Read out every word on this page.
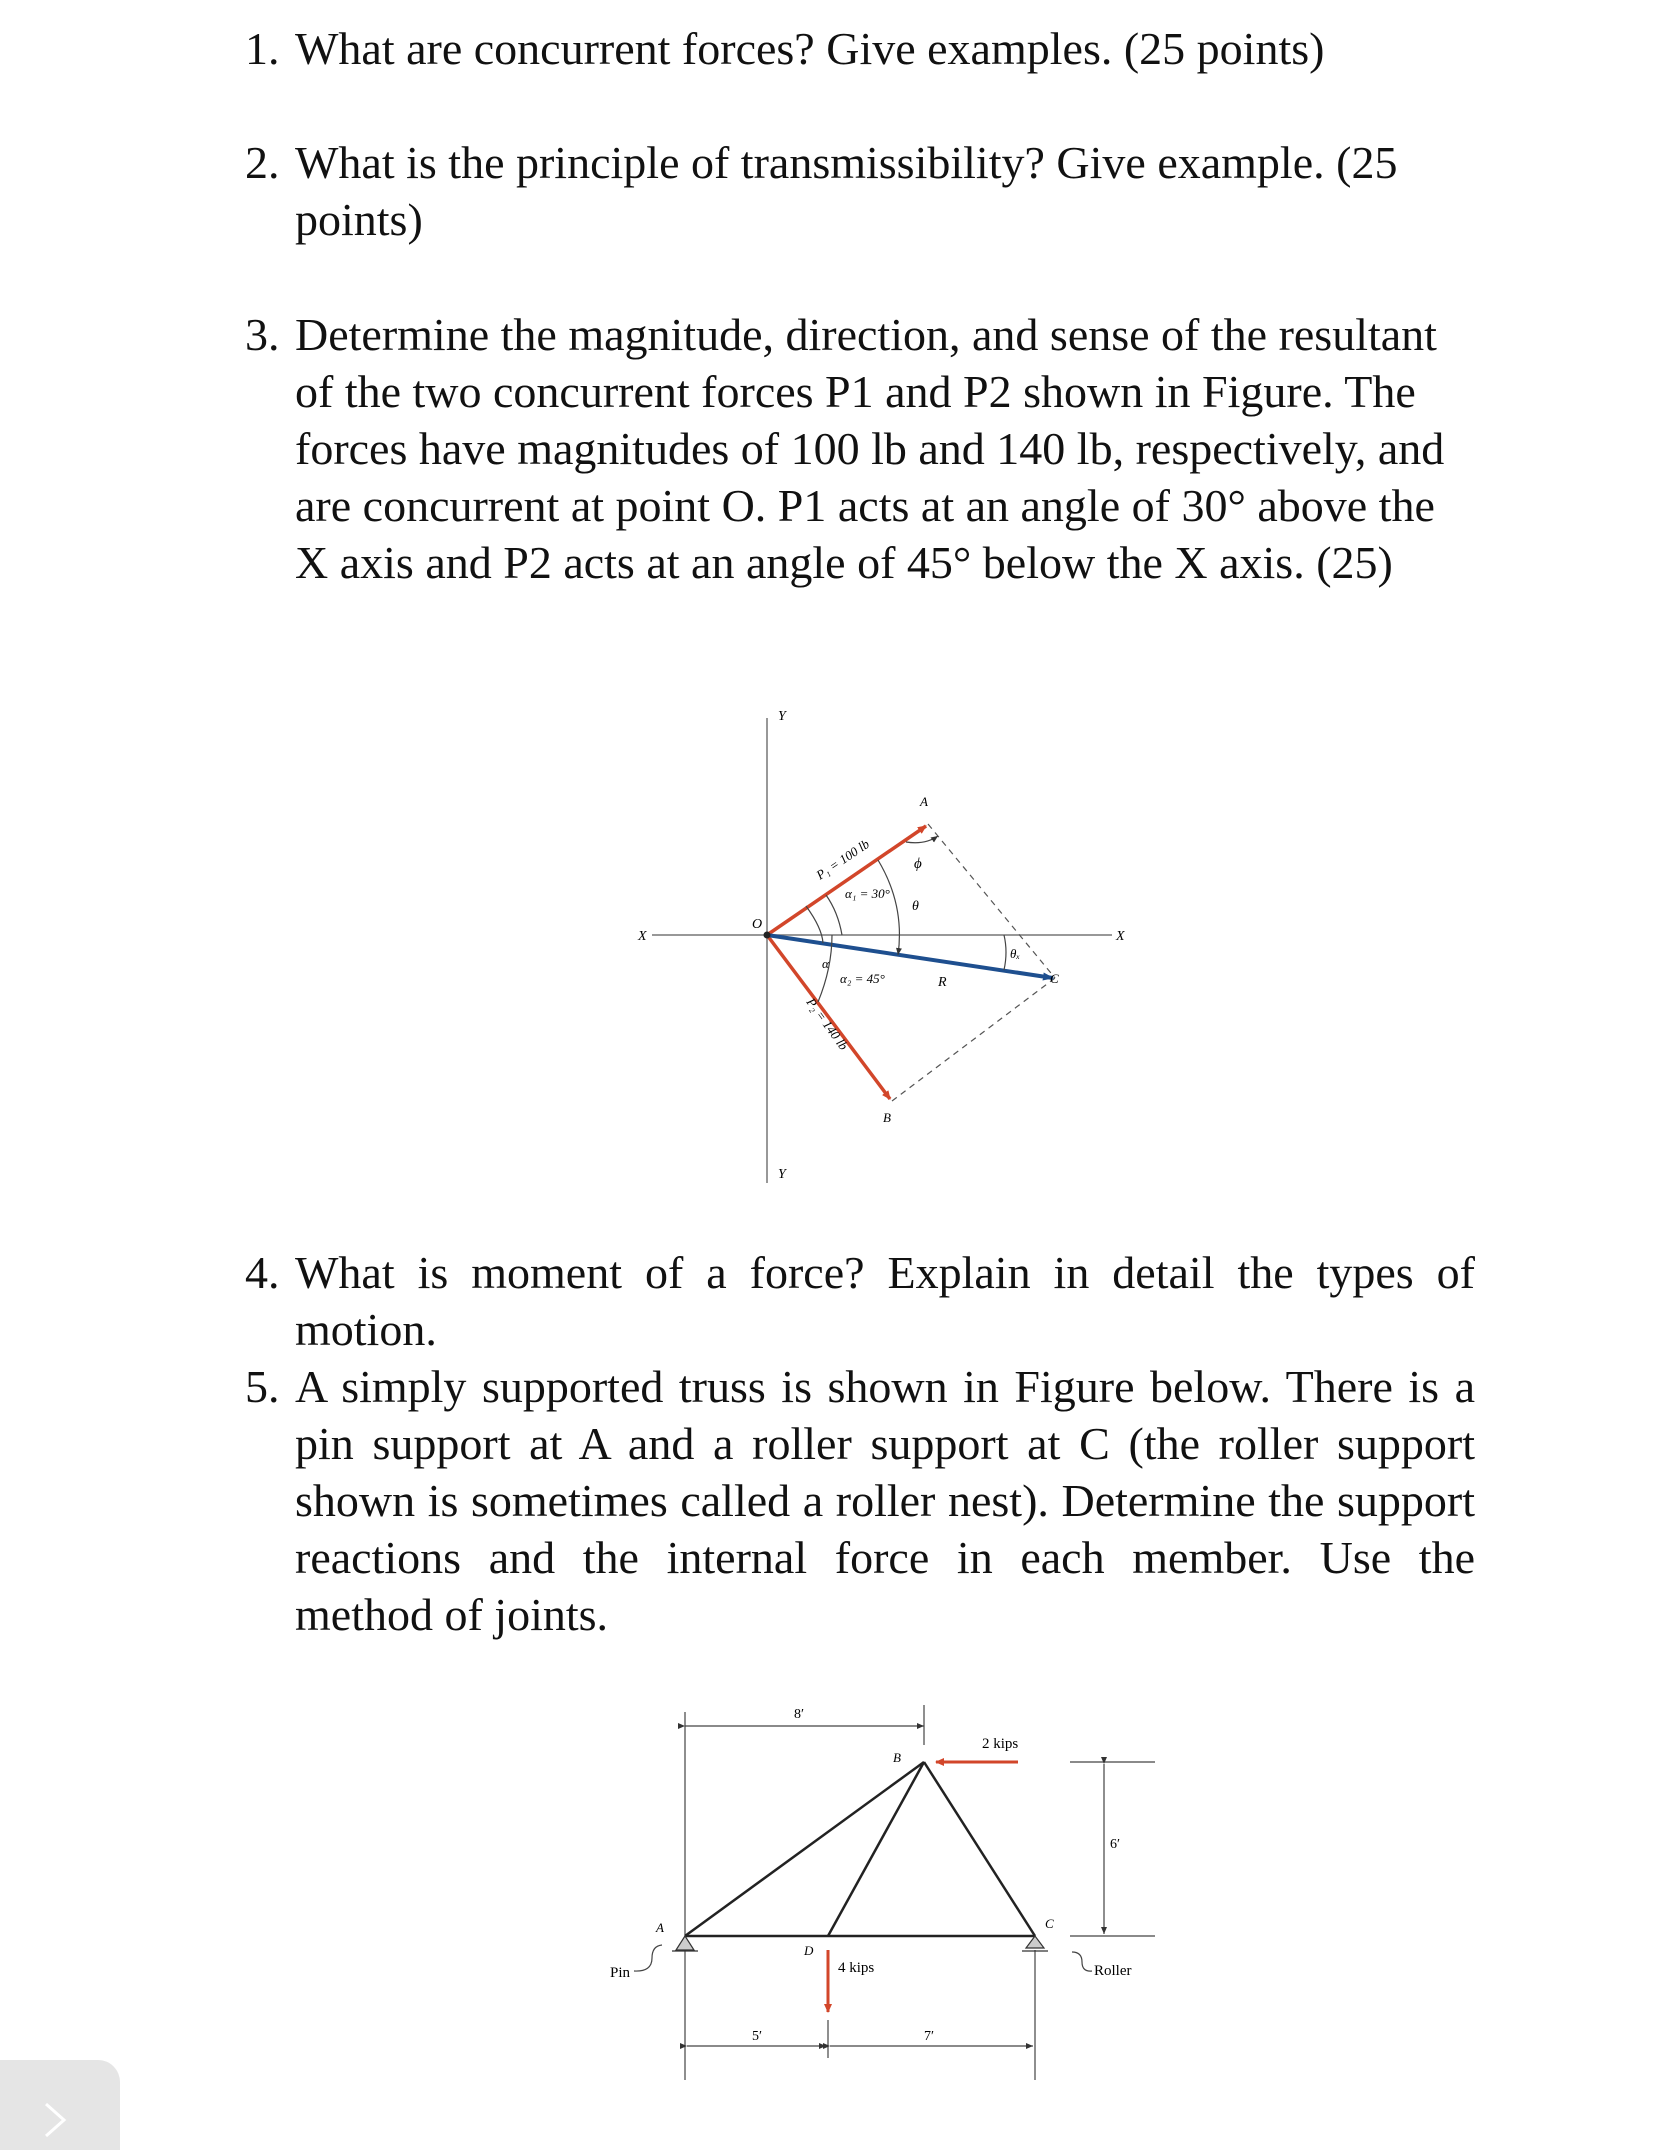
1. What are concurrent forces? Give examples. (25 points)

2. What is the principle of transmissibility? Give example. (25 points)

3. Determine the magnitude, direction, and sense of the resultant of the two concurrent forces P1 and P2 shown in Figure. The forces have magnitudes of 100 lb and 140 lb, respectively, and are concurrent at point O. P1 acts at an angle of 30° above the X axis and P2 acts at an angle of 45° below the X axis. (25)

Y
Y
X	X
O
P₁ = 100 lb
P₂ = 140 lb
α₁ = 30°
α₂ = 45°
α
ϕ
θ
θₓ
R
A
B
C

4. What is moment of a force? Explain in detail the types of motion.

5. A simply supported truss is shown in Figure below. There is a pin support at A and a roller support at C (the roller support shown is sometimes called a roller nest). Determine the support reactions and the internal force in each member. Use the method of joints.

8′
6′
5′	7′
2 kips
4 kips
A
B
C
D
Pin	Roller
